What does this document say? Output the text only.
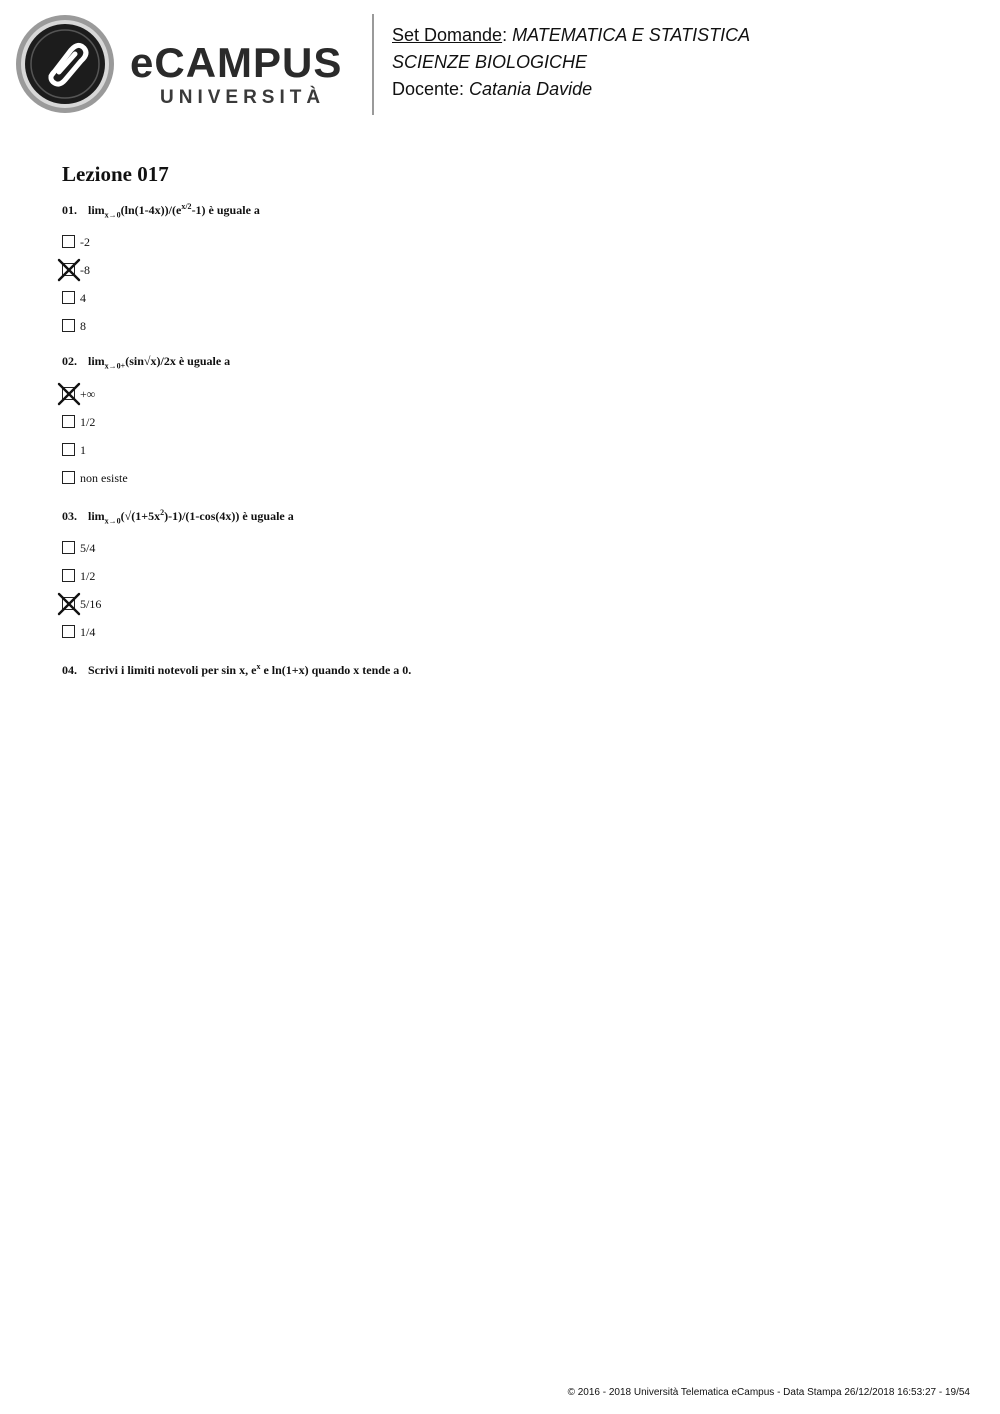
eCAMPUS
UNIVERSITÀ
Set Domande: MATEMATICA E STATISTICA
SCIENZE BIOLOGICHE
Docente: Catania Davide
Lezione 017
01. $\lim_{x\to 0}(\ln(1-4x))/(e^{x/2}-1)$ è uguale a
-2
-8
4
8
02. $\lim_{x\to 0+}(\sin√x)/2x$ è uguale a
+∞
1/2
1
non esiste
03. $\lim_{x\to 0}(√(1+5x^2)-1)/(1-\cos(4x))$ è uguale a
5/4
1/2
5/16
1/4
04. Scrivi i limiti notevoli per sin x, $e^x$ e ln(1+x) quando x tende a 0.
© 2016 - 2018 Università Telematica eCampus - Data Stampa 26/12/2018 16:53:27 - 19/54
